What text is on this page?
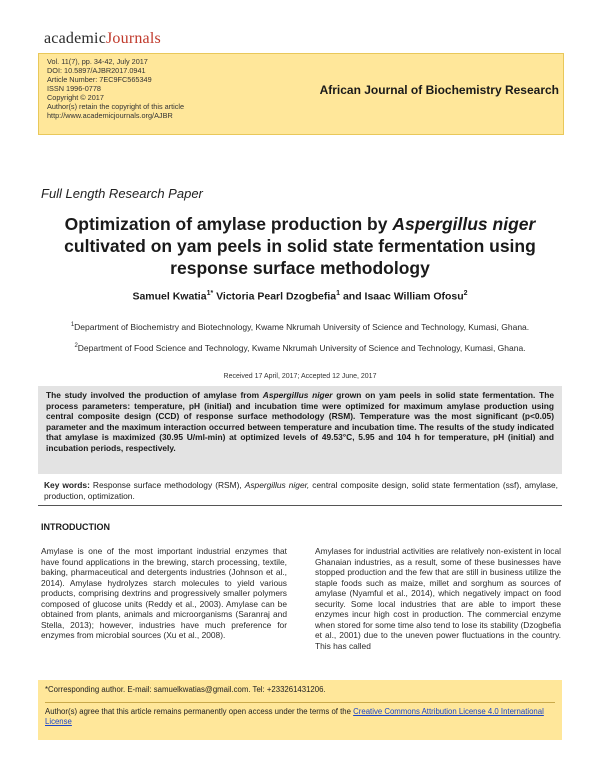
academicJournals
Vol. 11(7), pp. 34-42, July 2017
DOI: 10.5897/AJBR2017.0941
Article Number: 7EC9FC565349
ISSN 1996-0778
Copyright © 2017
Author(s) retain the copyright of this article
http://www.academicjournals.org/AJBR
African Journal of Biochemistry Research
Full Length Research Paper
Optimization of amylase production by Aspergillus niger cultivated on yam peels in solid state fermentation using response surface methodology
Samuel Kwatia$^{1*}$ Victoria Pearl Dzogbefia$^1$ and Isaac William Ofosu$^2$
$^1$Department of Biochemistry and Biotechnology, Kwame Nkrumah University of Science and Technology, Kumasi, Ghana.
$^2$Department of Food Science and Technology, Kwame Nkrumah University of Science and Technology, Kumasi, Ghana.
Received 17 April, 2017; Accepted 12 June, 2017
The study involved the production of amylase from Aspergillus niger grown on yam peels in solid state fermentation. The process parameters: temperature, pH (initial) and incubation time were optimized for maximum amylase production using central composite design (CCD) of response surface methodology (RSM). Temperature was the most significant (p<0.05) parameter and the maximum interaction occurred between temperature and incubation time. The results of the study indicated that amylase is maximized (30.95 U/ml-min) at optimized levels of 49.53°C, 5.95 and 104 h for temperature, pH (initial) and incubation periods, respectively.
Key words: Response surface methodology (RSM), Aspergillus niger, central composite design, solid state fermentation (ssf), amylase, production, optimization.
INTRODUCTION
Amylase is one of the most important industrial enzymes that have found applications in the brewing, starch processing, textile, baking, pharmaceutical and detergents industries (Johnson et al., 2014). Amylase hydrolyzes starch molecules to yield various products, comprising dextrins and progressively smaller polymers composed of glucose units (Reddy et al., 2003). Amylase can be obtained from plants, animals and microorganisms (Saranraj and Stella, 2013); however, industries have much preference for enzymes from microbial sources (Xu et al., 2008).
Amylases for industrial activities are relatively non-existent in local Ghanaian industries, as a result, some of these businesses have stopped production and the few that are still in business utilize the staple foods such as maize, millet and sorghum as sources of amylase (Nyamful et al., 2014), which negatively impact on food security. Some local industries that are able to import these enzymes incur high cost in production. The commercial enzyme when stored for some time also tend to lose its stability (Dzogbefia et al., 2001) due to the uneven power fluctuations in the country. This has called
*Corresponding author. E-mail: samuelkwatias@gmail.com. Tel: +233261431206.
Author(s) agree that this article remains permanently open access under the terms of the Creative Commons Attribution License 4.0 International License
